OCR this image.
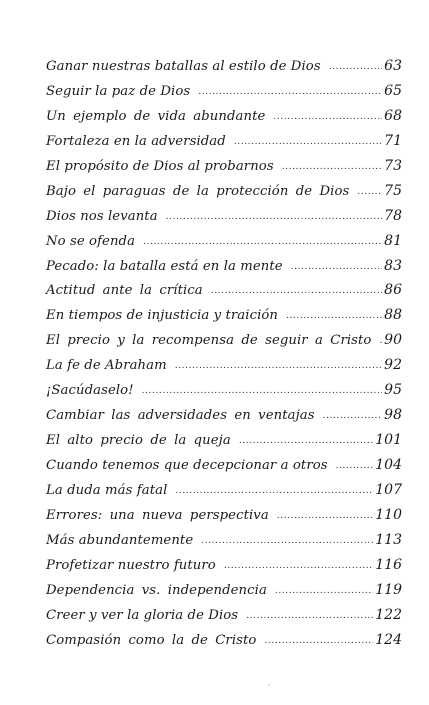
Ganar nuestras batallas al estilo de Dios .....	63
Seguir la paz de Dios .....	65
Un ejemplo de vida abundante .....	68
Fortaleza en la adversidad .....	71
El propósito de Dios al probarnos .....	73
Bajo el paraguas de la protección de Dios ..... 75
Dios nos levanta .....	78
No se ofenda .....	81
Pecado: la batalla está en la mente .....	83
Actitud ante la crítica .....	86
En tiempos de injusticia y traición .....	88
El precio y la recompensa de seguir a Cristo ..... 90
La fe de Abraham .....	92
¡Sacúdaselo! .....	95
Cambiar las adversidades en ventajas .....	98
El alto precio de la queja .....	101
Cuando tenemos que decepcionar a otros .....	104
La duda más fatal .....	107
Errores: una nueva perspectiva .....	110
Más abundantemente .....	113
Profetizar nuestro futuro .....	116
Dependencia vs. independencia .....	119
Creer y ver la gloria de Dios .....	122
Compasión como la de Cristo .....	124
